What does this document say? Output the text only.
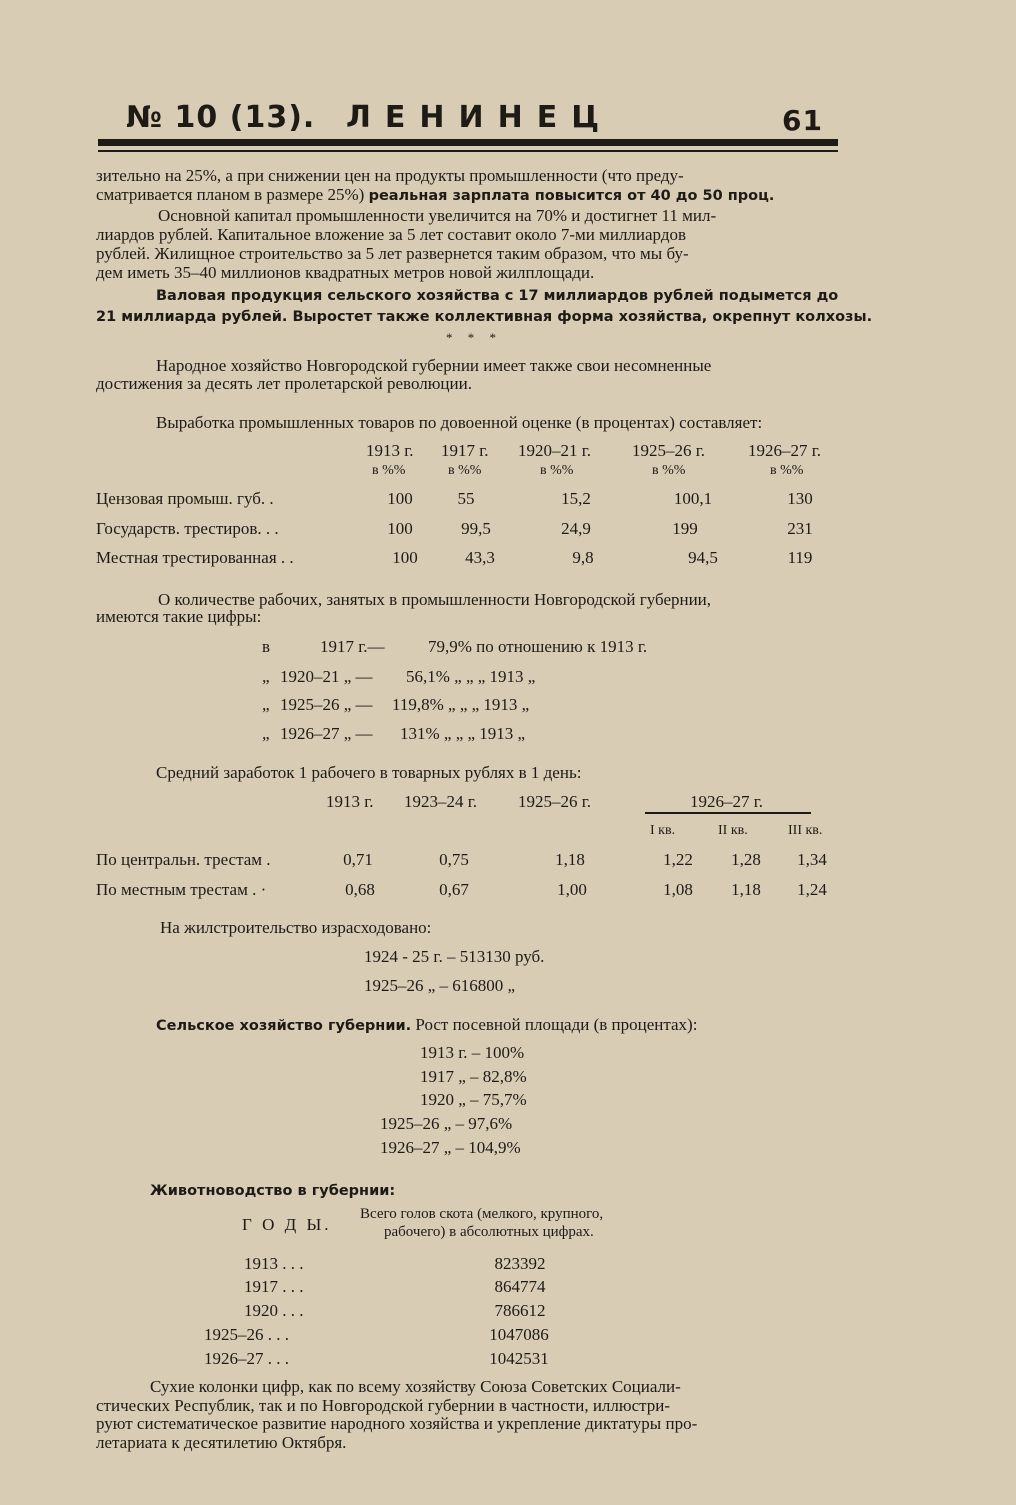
№ 10 (13). ЛЕНИНЕЦ	61
зительно на 25%, а при снижении цен на продукты промышленности (что преду-
сматривается планом в размере 25%) реальная зарплата повысится от 40 до 50 проц.
Основной капитал промышленности увеличится на 70% и достигнет 11 мил-
лиардов рублей. Капитальное вложение за 5 лет составит около 7-ми миллиардов
рублей. Жилищное строительство за 5 лет развернется таким образом, что мы бу-
дем иметь 35–40 миллионов квадратных метров новой жилплощади.
Валовая продукция сельского хозяйства с 17 миллиардов рублей подымется до
21 миллиарда рублей. Выростет также коллективная форма хозяйства, окрепнут колхозы.
* * *
Народное хозяйство Новгородской губернии имеет также свои несомненные
достижения за десять лет пролетарской революции.
Выработка промышленных товаров по довоенной оценке (в процентах) составляет:
1913 г. 1917 г. 1920–21 г. 1925–26 г.	1926–27 г.
в %%	в %%	в %%	в %%	в %%
Цензовая промыш. губ. .	100	55	15,2	100,1	130
Государств. трестиров. . .	100	99,5	24,9	199	231
Местная трестированная . .	100	43,3	9,8	94,5	119
О количестве рабочих, занятых в промышленности Новгородской губернии,
имеются такие цифры:
в	1917 г.—	79,9% по отношению к 1913 г.
„ 1920–21 „ — 56,1% „ „ „ 1913 „
„ 1925–26 „ — 119,8% „ „ „ 1913 „
„ 1926–27 „ — 131% „ „ „ 1913 „
Средний заработок 1 рабочего в товарных рублях в 1 день:
1913 г. 1923–24 г. 1925–26 г.	1926–27 г.
I кв.	II кв.	III кв.
По центральн. трестам .	0,71	0,75	1,18	1,22	1,28	1,34
По местным трестам . ·	0,68	0,67	1,00	1,08	1,18	1,24
На жилстроительство израсходовано:
1924 - 25 г. – 513130 руб.
1925–26 „ – 616800 „
Сельское хозяйство губернии. Рост посевной площади (в процентах):
1913 г. – 100%
1917 „ – 82,8%
1920 „ – 75,7%
1925–26 „ – 97,6%
1926–27 „ – 104,9%
Животноводство в губернии:
Г О Д Ы.
Всего голов скота (мелкого, крупного,
рабочего) в абсолютных цифрах.
1913 . . .	823392
1917 . . .	864774
1920 . . .	786612
1925–26 . . .	1047086
1926–27 . . .	1042531
Сухие колонки цифр, как по всему хозяйству Союза Советских Социали-
стических Республик, так и по Новгородской губернии в частности, иллюстри-
руют систематическое развитие народного хозяйства и укрепление диктатуры про-
летариата к десятилетию Октября.
